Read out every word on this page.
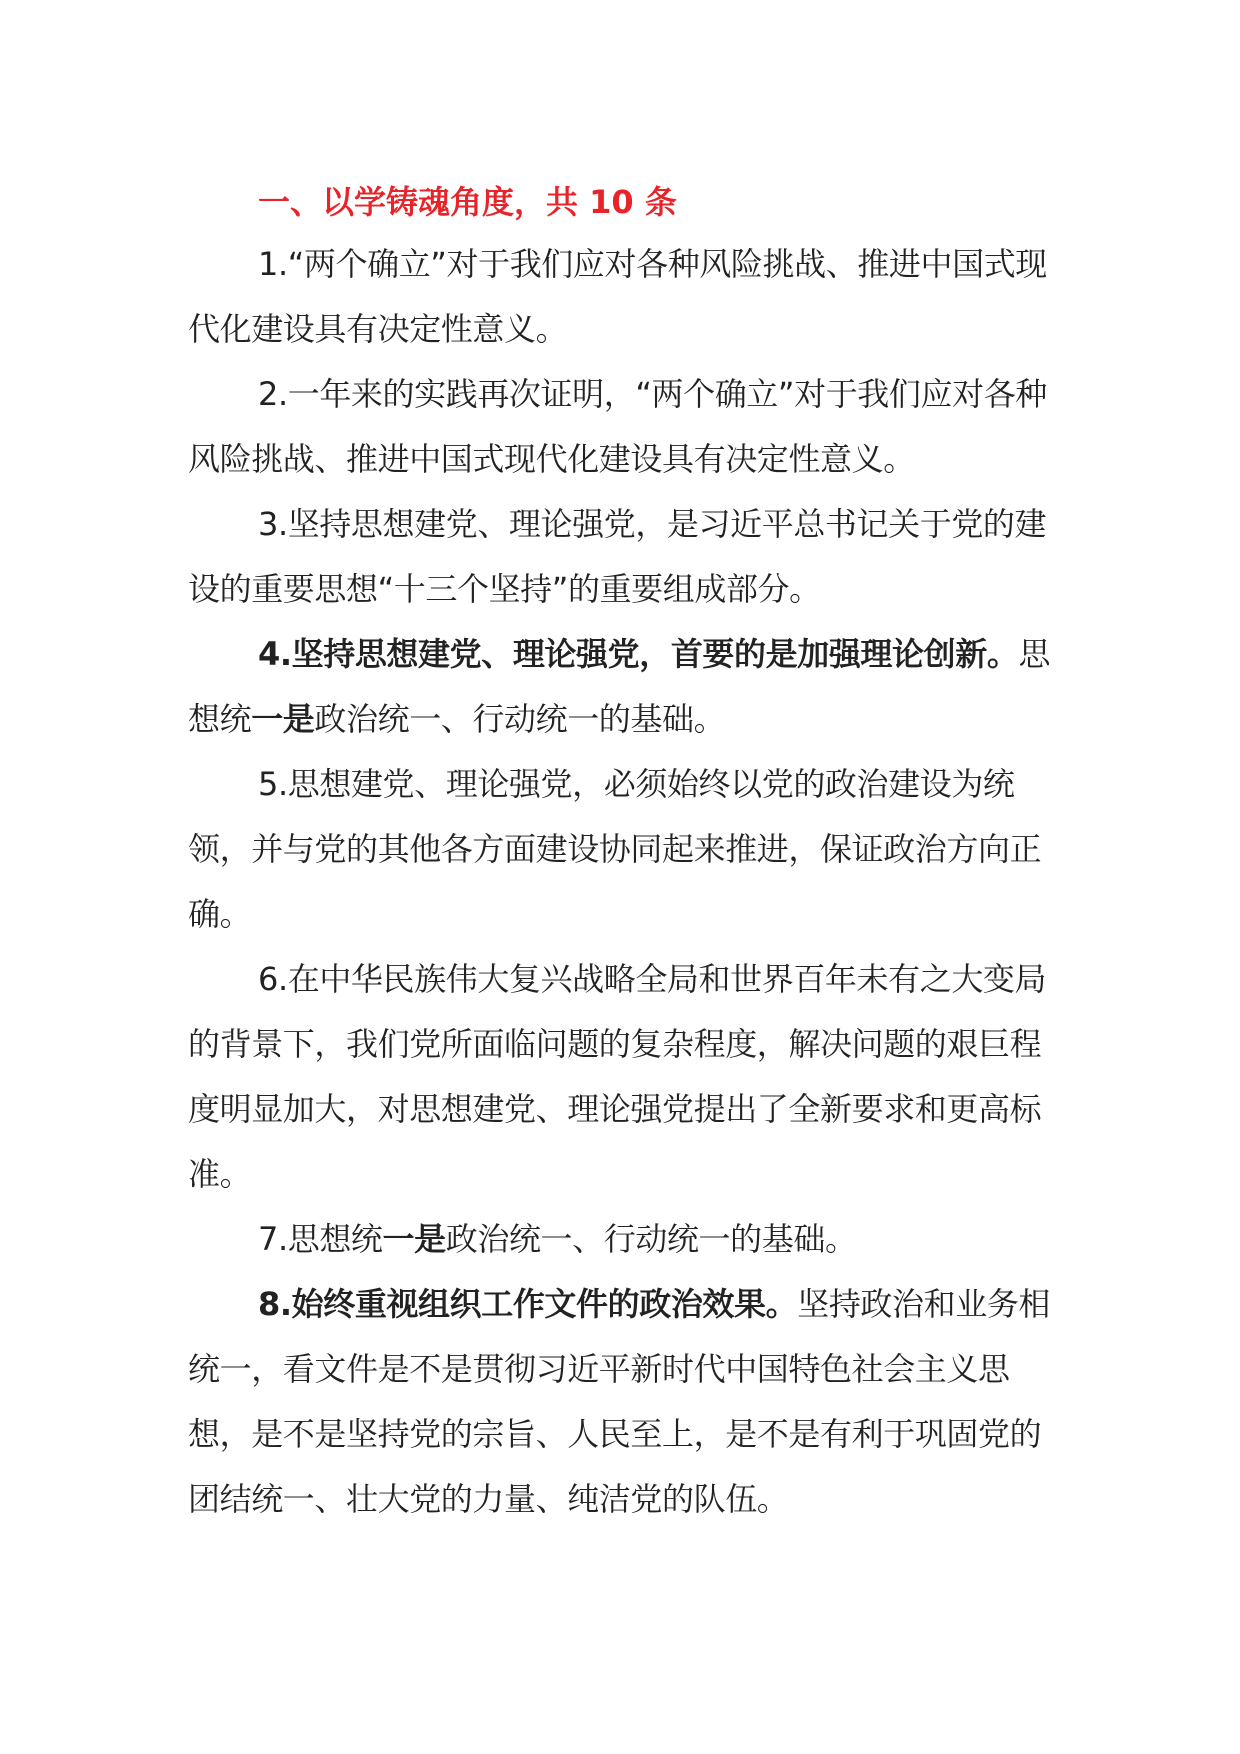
一、以学铸魂角度，共 10 条

1.“两个确立”对于我们应对各种风险挑战、推进中国式现代化建设具有决定性意义。

2.一年来的实践再次证明，“两个确立”对于我们应对各种风险挑战、推进中国式现代化建设具有决定性意义。

3.坚持思想建党、理论强党，是习近平总书记关于党的建设的重要思想“十三个坚持”的重要组成部分。

4.坚持思想建党、理论强党，首要的是加强理论创新。思想统一是政治统一、行动统一的基础。

5.思想建党、理论强党，必须始终以党的政治建设为统领，并与党的其他各方面建设协同起来推进，保证政治方向正确。

6.在中华民族伟大复兴战略全局和世界百年未有之大变局的背景下，我们党所面临问题的复杂程度，解决问题的艰巨程度明显加大，对思想建党、理论强党提出了全新要求和更高标准。

7.思想统一是政治统一、行动统一的基础。

8.始终重视组织工作文件的政治效果。坚持政治和业务相统一，看文件是不是贯彻习近平新时代中国特色社会主义思想，是不是坚持党的宗旨、人民至上，是不是有利于巩固党的团结统一、壮大党的力量、纯洁党的队伍。
